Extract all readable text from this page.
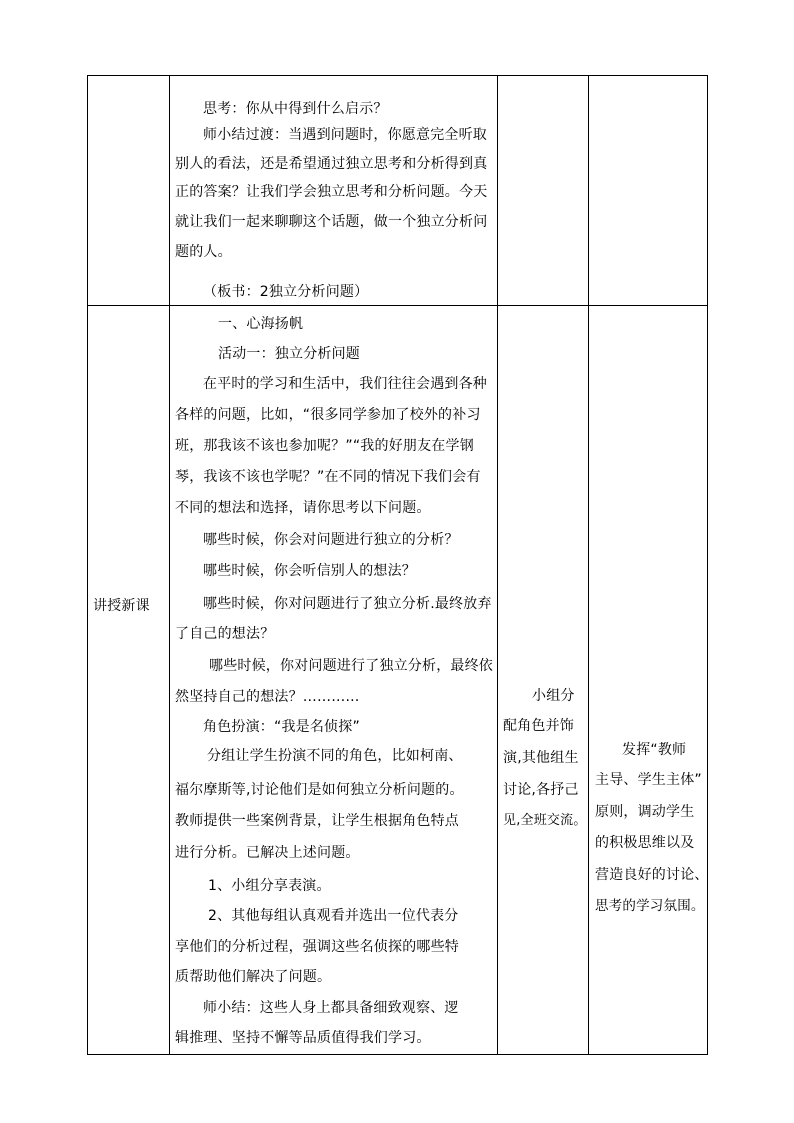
思考：你从中得到什么启示？
师小结过渡：当遇到问题时，你愿意完全听取
别人的看法，还是希望通过独立思考和分析得到真
正的答案？让我们学会独立思考和分析问题。今天
就让我们一起来聊聊这个话题，做一个独立分析问
题的人。
（板书：2独立分析问题）
讲授新课
一、心海扬帆
活动一：独立分析问题
在平时的学习和生活中，我们往往会遇到各种
各样的问题，比如，“很多同学参加了校外的补习
班，那我该不该也参加呢？”“我的好朋友在学钢
琴，我该不该也学呢？”在不同的情况下我们会有
不同的想法和选择，请你思考以下问题。
哪些时候，你会对问题进行独立的分析？
哪些时候，你会听信别人的想法？
哪些时候，你对问题进行了独立分析.最终放弃
了自己的想法？
哪些时候，你对问题进行了独立分析，最终依
然坚持自己的想法？…………
角色扮演：“我是名侦探”
分组让学生扮演不同的角色，比如柯南、
福尔摩斯等,讨论他们是如何独立分析问题的。
教师提供一些案例背景，让学生根据角色特点
进行分析。已解决上述问题。
1、小组分享表演。
2、其他每组认真观看并选出一位代表分
享他们的分析过程，强调这些名侦探的哪些特
质帮助他们解决了问题。
师小结：这些人身上都具备细致观察、逻
辑推理、坚持不懈等品质值得我们学习。
小组分
配角色并饰
演,其他组生
讨论,各抒己
见,全班交流。
发挥“教师
主导、学生主体”
原则，调动学生
的积极思维以及
营造良好的讨论、
思考的学习氛围。
